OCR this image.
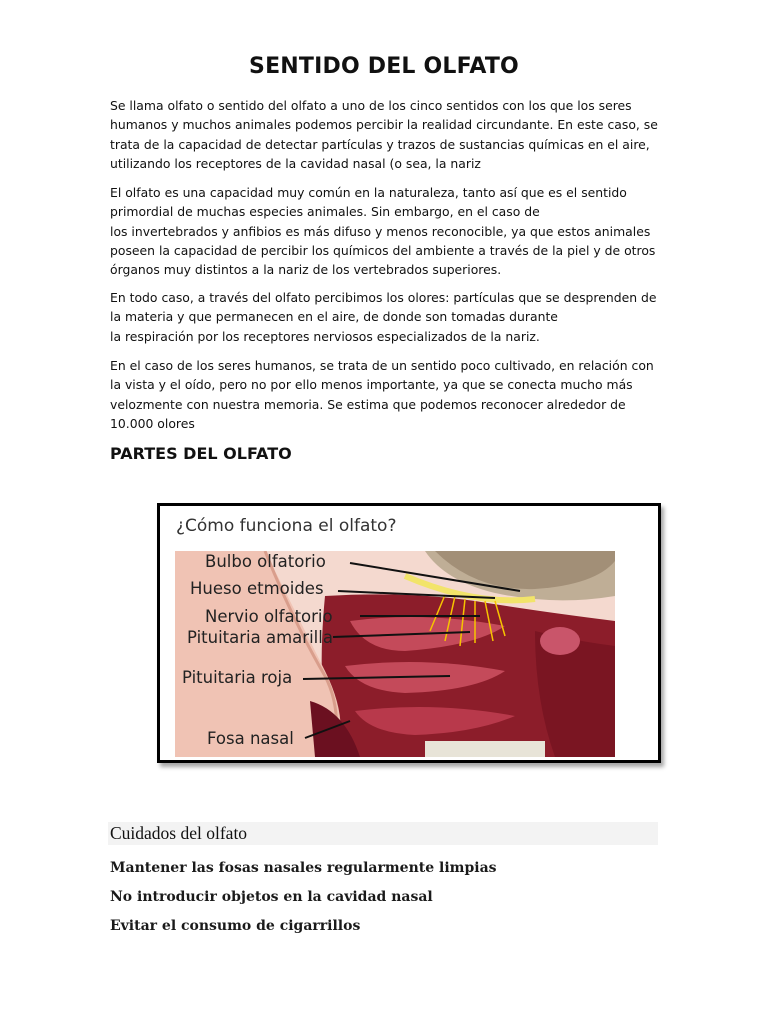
SENTIDO DEL OLFATO

Se llama olfato o sentido del olfato a uno de los cinco sentidos con los que los seres
humanos y muchos animales podemos percibir la realidad circundante. En este caso, se
trata de la capacidad de detectar partículas y trazos de sustancias químicas en el aire,
utilizando los receptores de la cavidad nasal (o sea, la nariz

El olfato es una capacidad muy común en la naturaleza, tanto así que es el sentido
primordial de muchas especies animales. Sin embargo, en el caso de
los invertebrados y anfibios es más difuso y menos reconocible, ya que estos animales
poseen la capacidad de percibir los químicos del ambiente a través de la piel y de otros
órganos muy distintos a la nariz de los vertebrados superiores.

En todo caso, a través del olfato percibimos los olores: partículas que se desprenden de
la materia y que permanecen en el aire, de donde son tomadas durante
la respiración por los receptores nerviosos especializados de la nariz.

En el caso de los seres humanos, se trata de un sentido poco cultivado, en relación con
la vista y el oído, pero no por ello menos importante, ya que se conecta mucho más
velozmente con nuestra memoria. Se estima que podemos reconocer alrededor de
10.000 olores

PARTES DEL OLFATO
¿Cómo funciona el olfato?
Bulbo olfatorio
Hueso etmoides
Nervio olfatorio
Pituitaria amarilla
Pituitaria roja
Fosa nasal
Cuidados del olfato
Mantener las fosas nasales regularmente limpias
No introducir objetos en la cavidad nasal
Evitar el consumo de cigarrillos
